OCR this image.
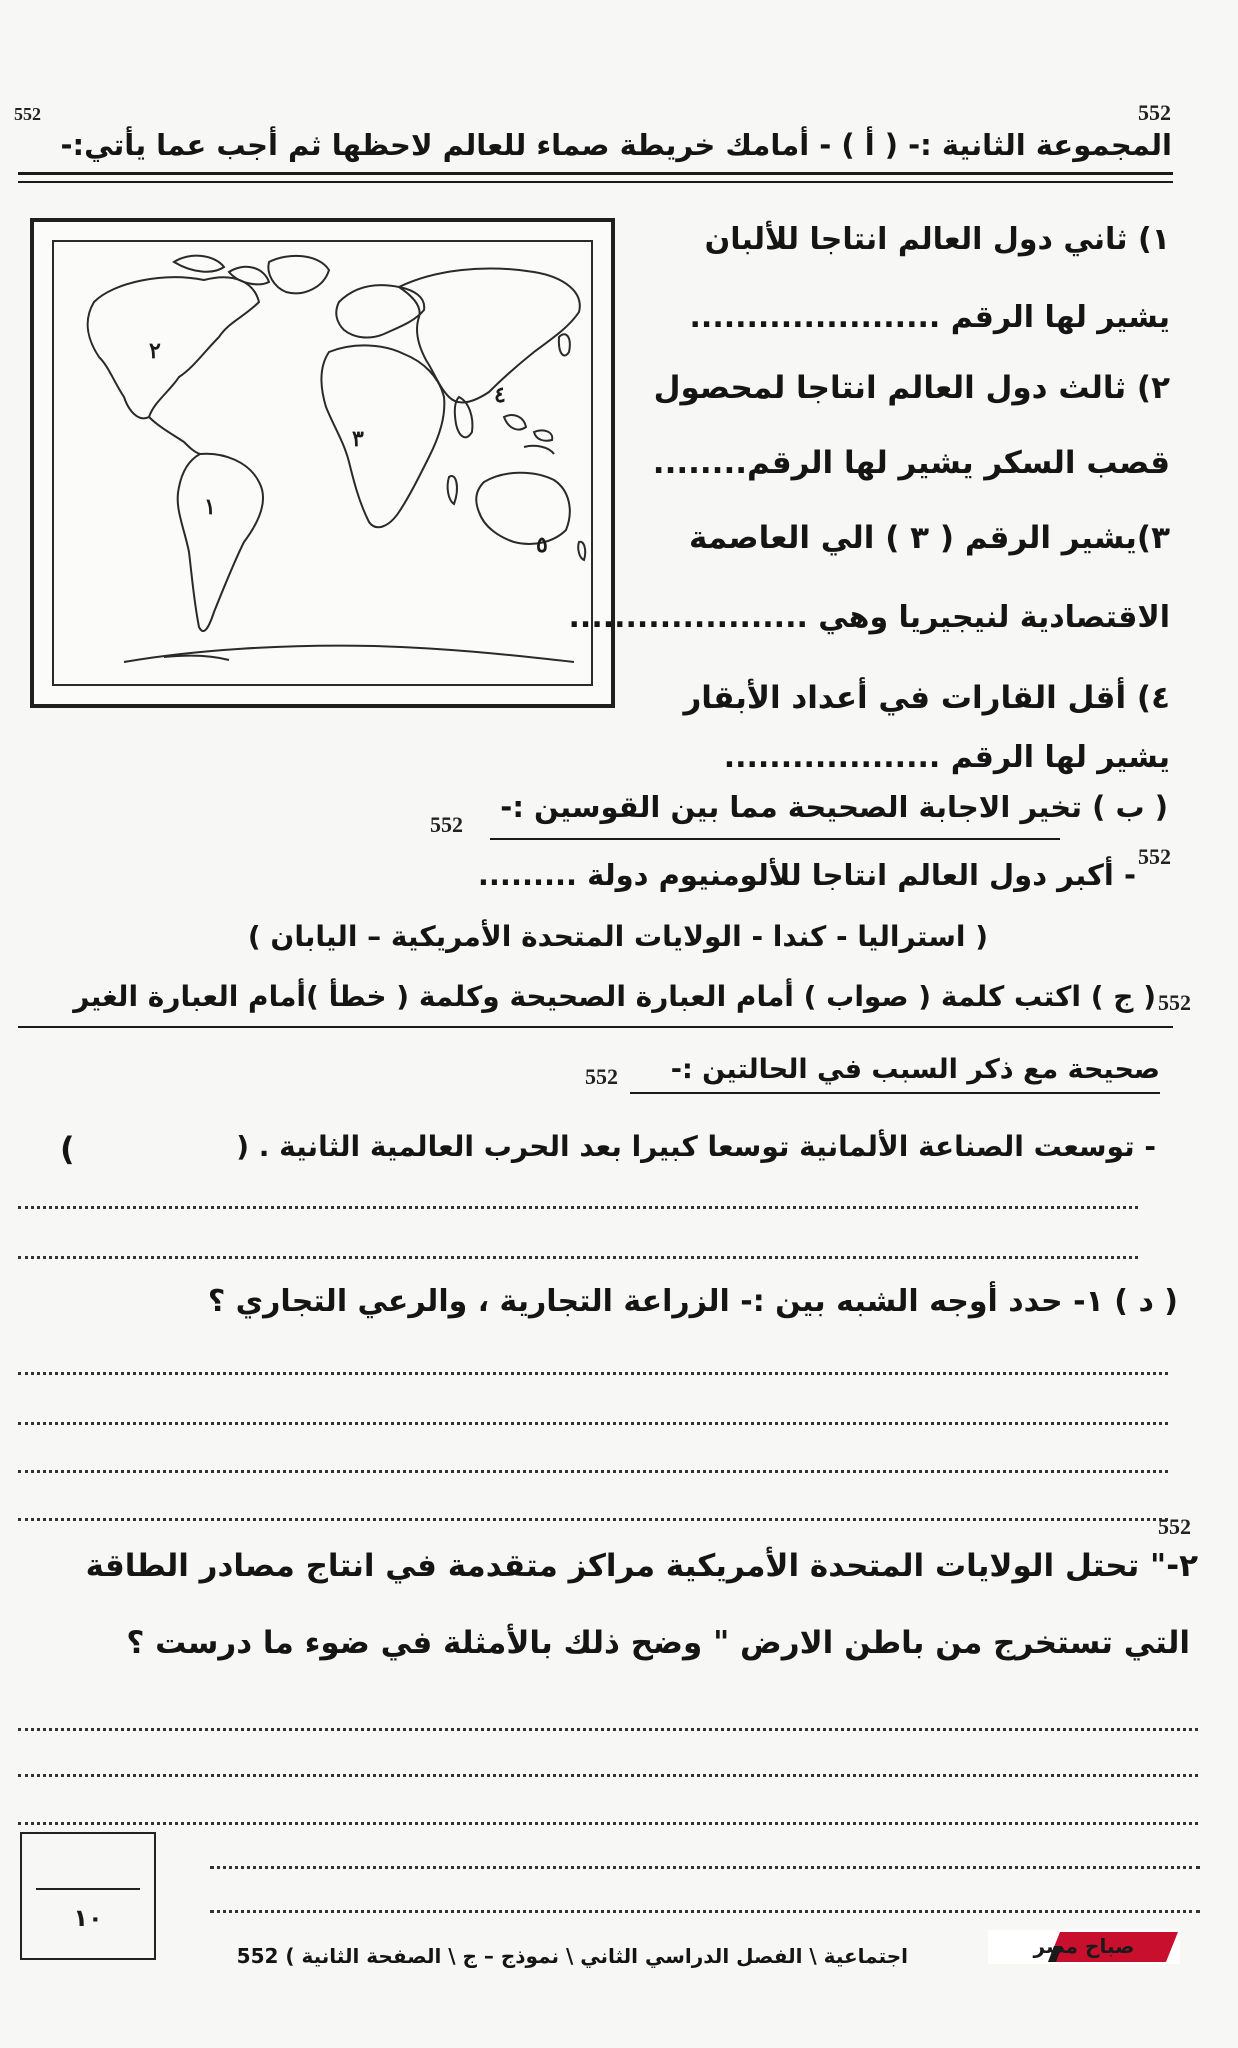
552
552
المجموعة الثانية :- ( أ ) - أمامك خريطة صماء للعالم لاحظها ثم أجب عما يأتي:-
١
٢
٣
٤
٥
١) ثاني دول العالم انتاجا للألبان
يشير لها الرقم ......................
٢) ثالث دول العالم انتاجا لمحصول
قصب السكر يشير لها الرقم........
٣)يشير الرقم ( ٣ ) الي العاصمة
الاقتصادية لنيجيريا وهي .....................
٤) أقل القارات في أعداد الأبقار
يشير لها الرقم ...................
( ب ) تخير الاجابة الصحيحة مما بين القوسين :-
552
552
- أكبر دول العالم انتاجا للألومنيوم دولة .........
( استراليا - كندا - الولايات المتحدة الأمريكية – اليابان )
552
( ج ) اكتب كلمة ( صواب ) أمام العبارة الصحيحة وكلمة ( خطأ )أمام العبارة الغير
صحيحة مع ذكر السبب في الحالتين :-
552
- توسعت الصناعة الألمانية توسعا كبيرا بعد الحرب العالمية الثانية . (
)
( د ) ١- حدد أوجه الشبه بين :- الزراعة التجارية ، والرعي التجاري ؟
552
٢-" تحتل الولايات المتحدة الأمريكية مراكز متقدمة في انتاج مصادر الطاقة
التي تستخرج من باطن الارض " وضح ذلك بالأمثلة في ضوء ما درست ؟
١٠
اجتماعية \ الفصل الدراسي الثاني \ نموذج – ج \ الصفحة الثانية ) 552	صباح مصر
